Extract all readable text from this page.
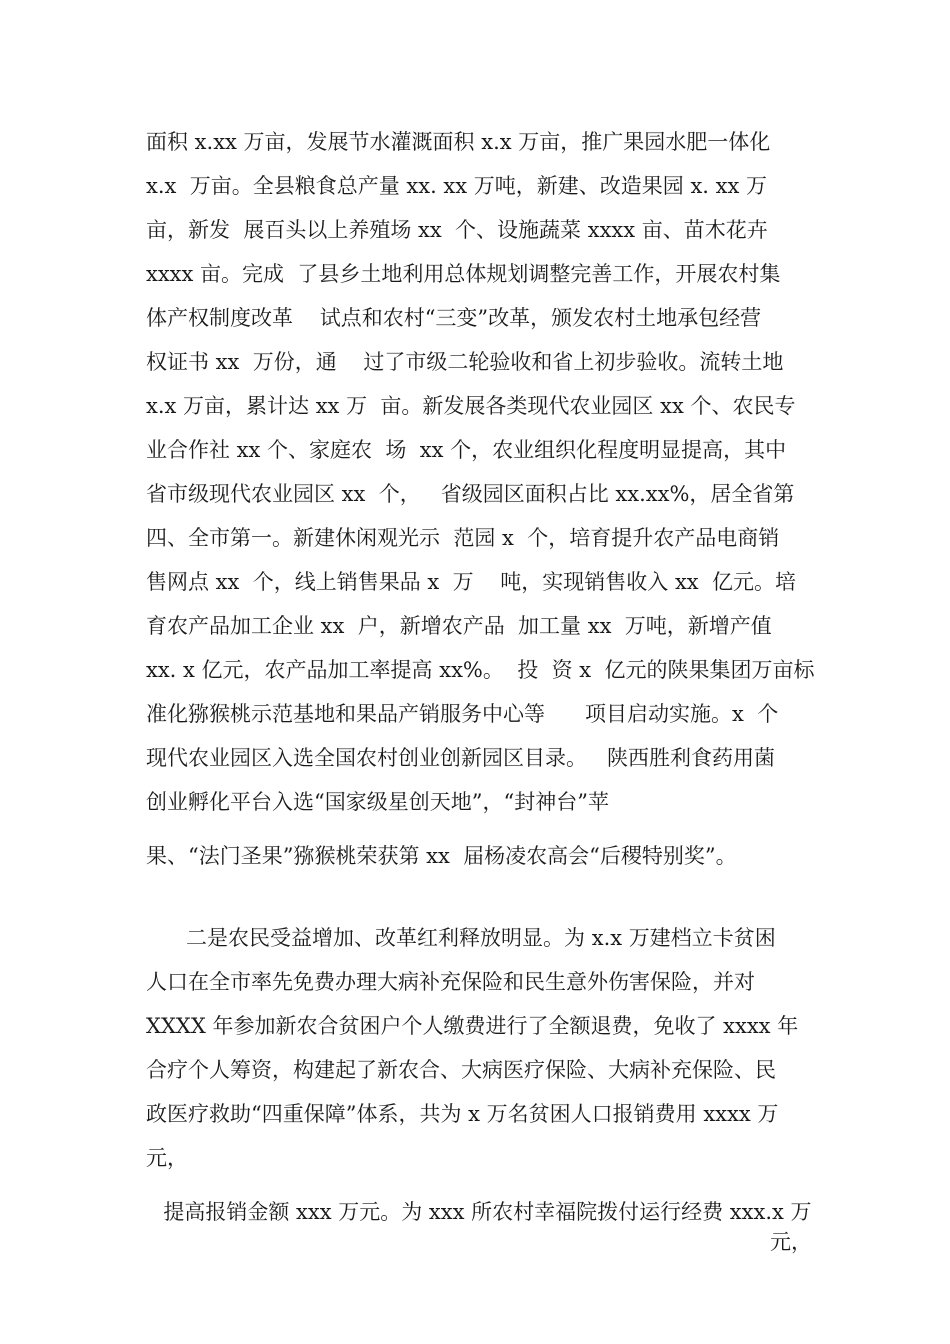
面积 x.xx 万亩，发展节水灌溉面积 x.x 万亩，推广果园水肥一体化
x.x  万亩。全县粮食总产量 xx. xx 万吨，新建、改造果园 x. xx 万
亩，新发  展百头以上养殖场 xx  个、设施蔬菜 xxxx 亩、苗木花卉
xxxx 亩。完成  了县乡土地利用总体规划调整完善工作，开展农村集
体产权制度改革    试点和农村“三变”改革，颁发农村土地承包经营
权证书 xx  万份，通    过了市级二轮验收和省上初步验收。流转土地
x.x 万亩，累计达 xx 万  亩。新发展各类现代农业园区 xx 个、农民专
业合作社 xx 个、家庭农  场  xx 个，农业组织化程度明显提高，其中
省市级现代农业园区 xx  个，   省级园区面积占比 xx.xx%，居全省第
四、全市第一。新建休闲观光示  范园 x  个，培育提升农产品电商销
售网点 xx  个，线上销售果品 x  万    吨，实现销售收入 xx  亿元。培
育农产品加工企业 xx  户，新增农产品  加工量 xx  万吨，新增产值
xx. x 亿元，农产品加工率提高 xx%。  投  资 x  亿元的陕果集团万亩标
准化猕猴桃示范基地和果品产销服务中心等      项目启动实施。x  个
现代农业园区入选全国农村创业创新园区目录。   陕西胜利食药用菌
创业孵化平台入选“国家级星创天地”，“封神台”苹
果、“法门圣果”猕猴桃荣获第 xx  届杨凌农高会“后稷特别奖”。
二是农民受益增加、改革红利释放明显。为 x.x 万建档立卡贫困
人口在全市率先免费办理大病补充保险和民生意外伤害保险，并对
XXXX 年参加新农合贫困户个人缴费进行了全额退费，免收了 xxxx 年
合疗个人筹资，构建起了新农合、大病医疗保险、大病补充保险、民
政医疗救助“四重保障”体系，共为 x 万名贫困人口报销费用 xxxx 万
元，
提高报销金额 xxx 万元。为 xxx 所农村幸福院拨付运行经费 xxx.x 万
元，
